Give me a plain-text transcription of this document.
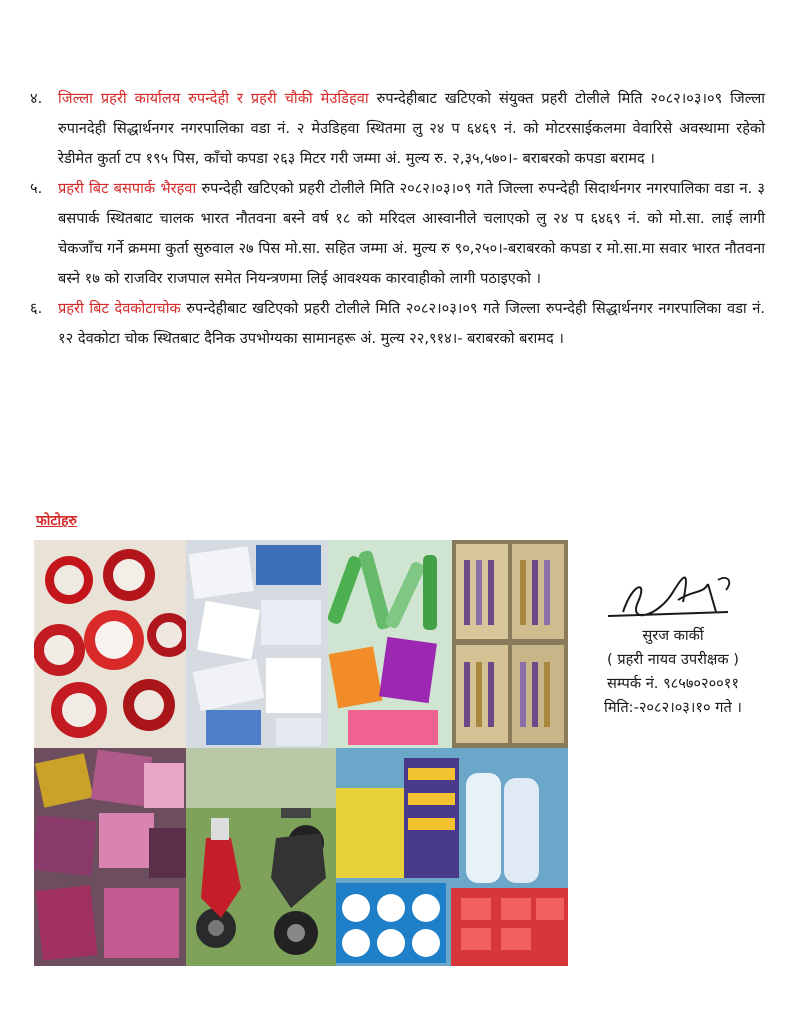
४. जिल्ला प्रहरी कार्यालय रुपन्देही र प्रहरी चौकी मेउडिहवा रुपन्देहीबाट खटिएको संयुक्त प्रहरी टोलीले मिति २०८२।०३।०९ जिल्ला रुपानदेही सिद्धार्थनगर नगरपालिका वडा नं. २ मेउडिहवा स्थितमा लु २४ प ६४६९ नं. को मोटरसाईकलमा वेवारिसे अवस्थामा रहेको रेडीमेत कुर्ता टप १९५ पिस, काँचो कपडा २६३ मिटर गरी जम्मा अं. मुल्य रु. २,३५,५७०।- बराबरको कपडा बरामद ।
५. प्रहरी बिट बसपार्क भैरहवा रुपन्देही खटिएको प्रहरी टोलीले मिति २०८२।०३।०९ गते जिल्ला रुपन्देही सिदार्थनगर नगरपालिका वडा न. ३ बसपार्क स्थितबाट चालक भारत नौतवना बस्ने वर्ष १८ को मरिदल आस्वानीले चलाएको लु २४ प ६४६९ नं. को मो.सा. लाई लागी चेकजाँच गर्ने क्रममा कुर्ता सुरुवाल २७ पिस मो.सा. सहित जम्मा अं. मुल्य रु ९०,२५०।-बराबरको कपडा र मो.सा.मा सवार भारत नौतवना बस्ने १७ को राजविर राजपाल समेत नियन्त्रणमा लिई आवश्यक कारवाहीको लागी पठाइएको ।
६. प्रहरी बिट देवकोटाचोक रुपन्देहीबाट खटिएको प्रहरी टोलीले मिति २०८२।०३।०९ गते जिल्ला रुपन्देही सिद्धार्थनगर नगरपालिका वडा नं. १२ देवकोटा चोक स्थितबाट दैनिक उपभोग्यका सामानहरू अं. मुल्य २२,९१४।- बराबरको बरामद ।
फोटोहरु
सुरज कार्की
( प्रहरी नायव उपरीक्षक )
सम्पर्क नं. ९८५७०२००११
मिति:-२०८२।०३।१० गते ।
